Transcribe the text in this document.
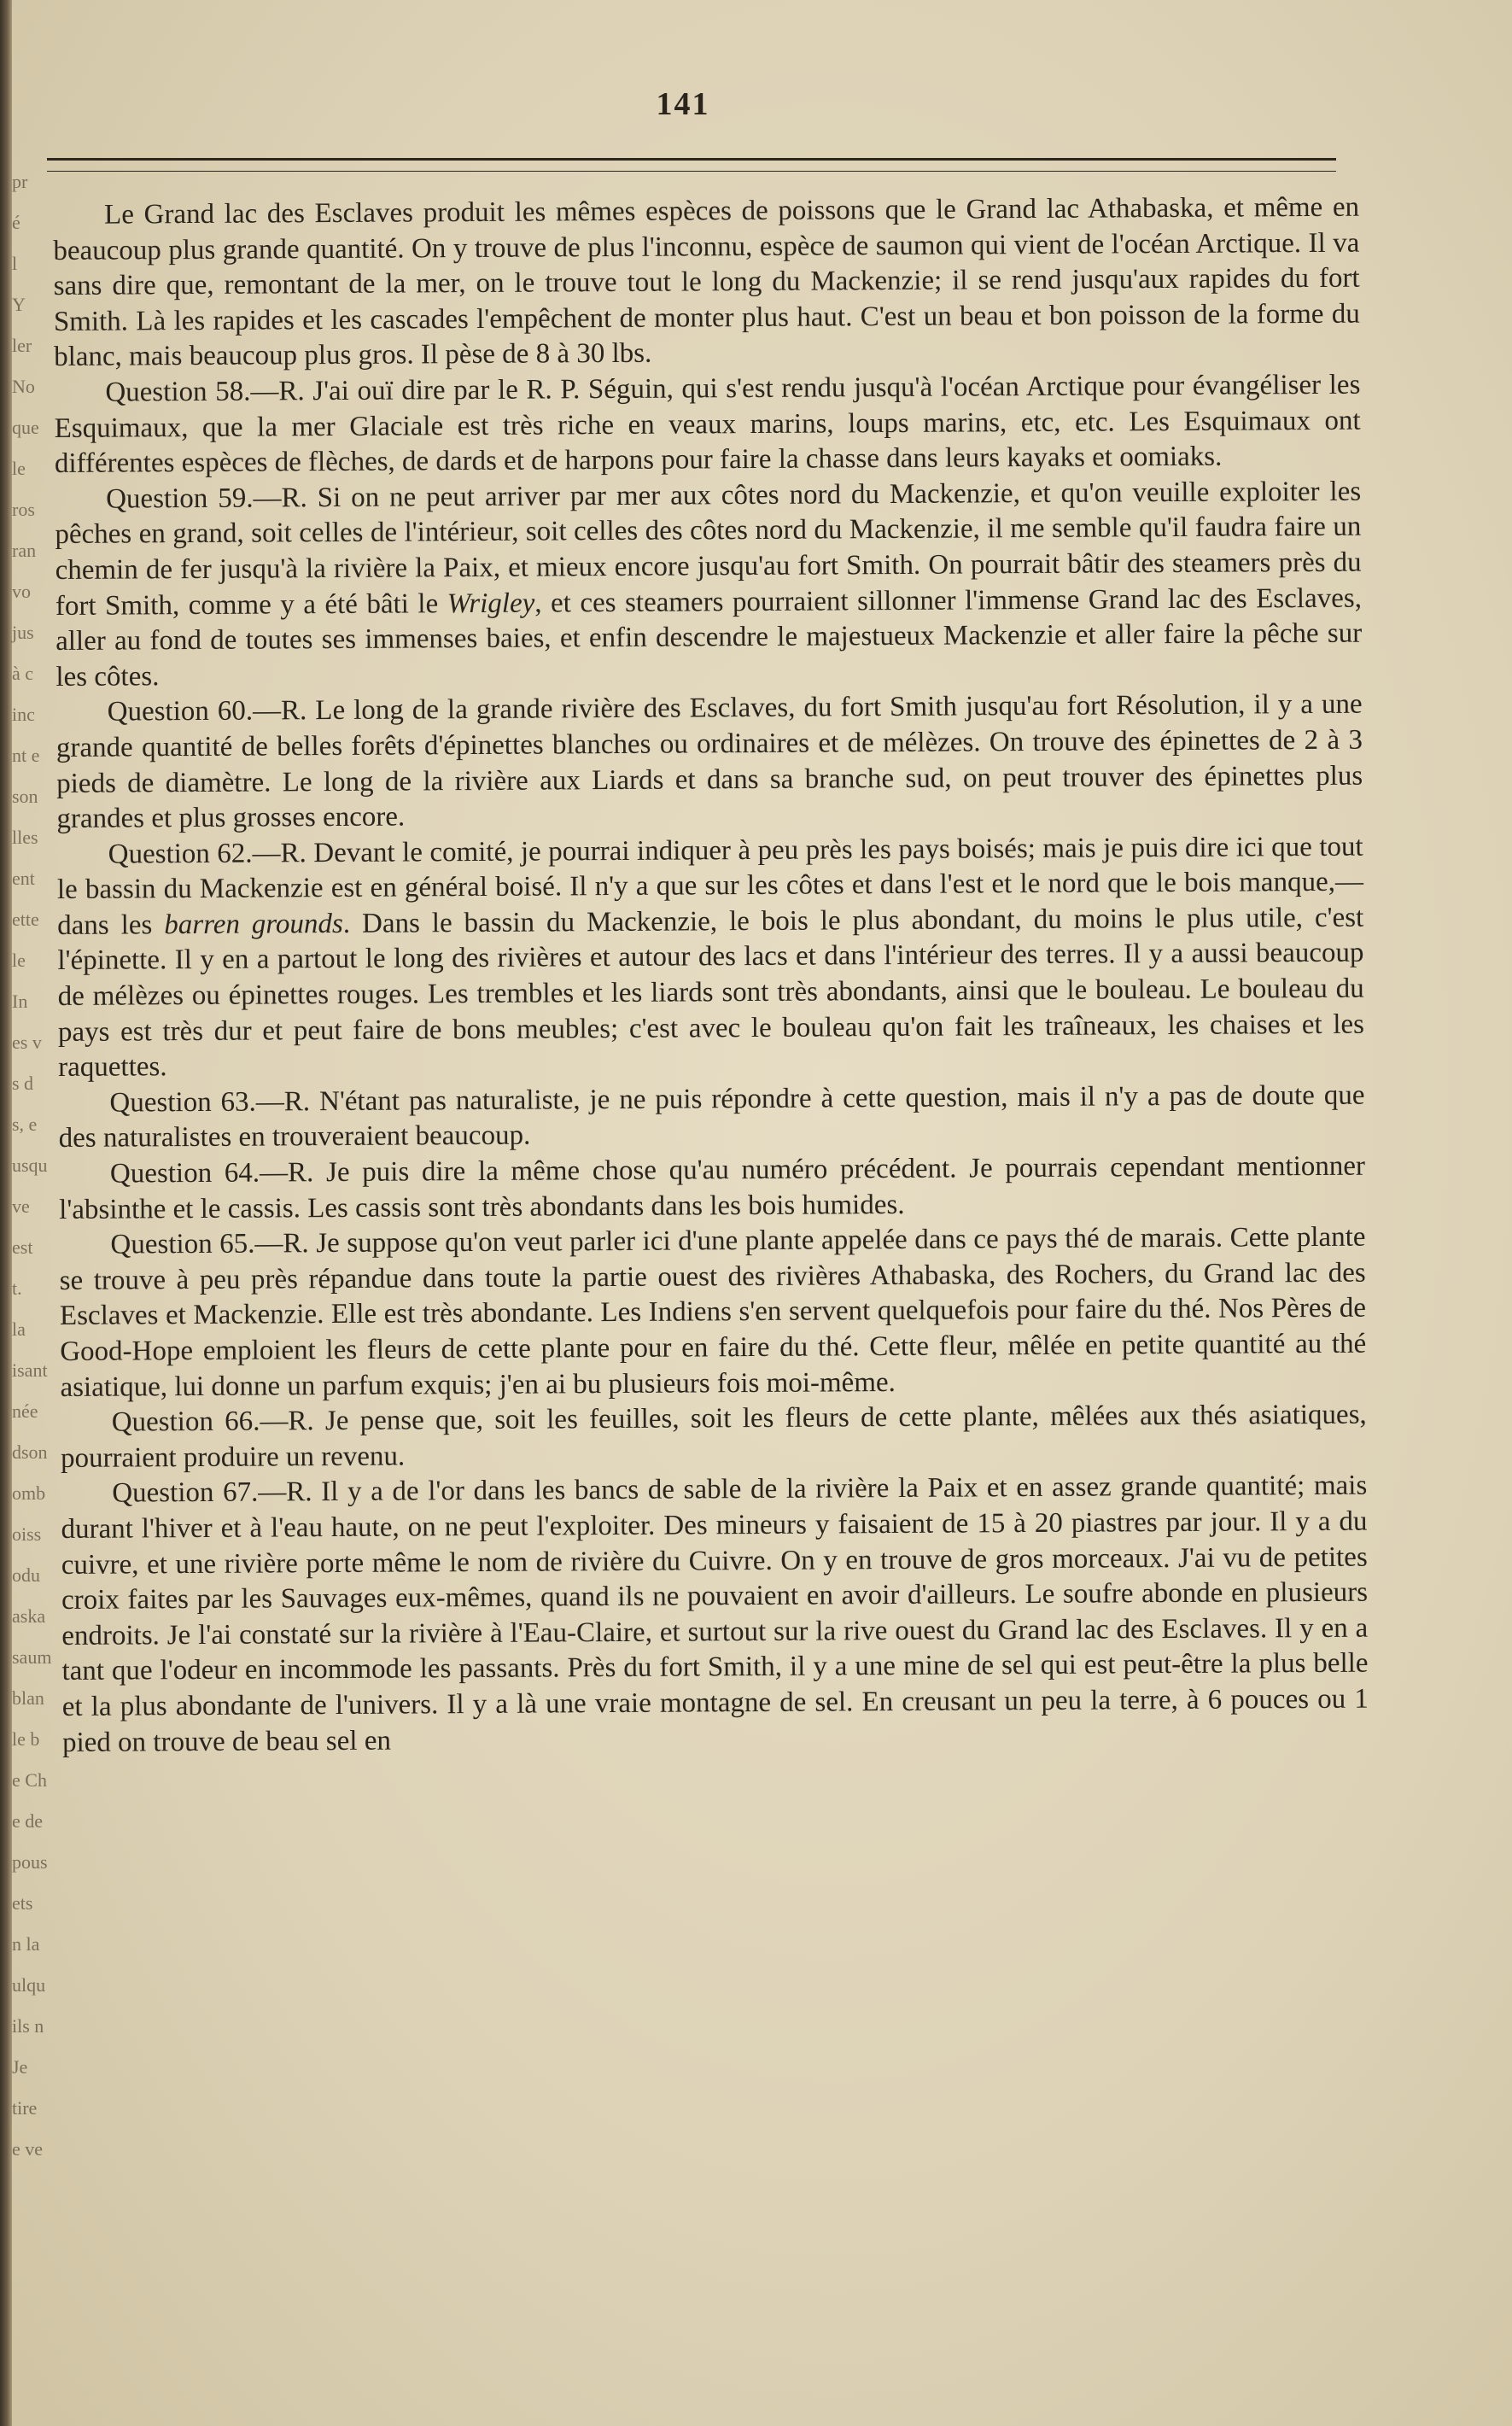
pr
é
l
Y
ler
No
que
le
ros
ran
vo
jus
à c
inc
nt e
son
lles
ent
ette
le
In
es v
s d
s, e
usqu
ve
est
t.
la
isant
née
dson
omb
oiss
odu
aska
saum
blan
le b
e Ch
e de
pous
ets
n la
ulqu
ils n
Je
tire
e ve
141

Le Grand lac des Esclaves produit les mêmes espèces de poissons que le Grand lac Athabaska, et même en beaucoup plus grande quantité. On y trouve de plus l'inconnu, espèce de saumon qui vient de l'océan Arctique. Il va sans dire que, remontant de la mer, on le trouve tout le long du Mackenzie; il se rend jusqu'aux rapides du fort Smith. Là les rapides et les cascades l'empêchent de monter plus haut. C'est un beau et bon poisson de la forme du blanc, mais beaucoup plus gros. Il pèse de 8 à 30 lbs.

Question 58.—R. J'ai ouï dire par le R. P. Séguin, qui s'est rendu jusqu'à l'océan Arctique pour évangéliser les Esquimaux, que la mer Glaciale est très riche en veaux marins, loups marins, etc, etc. Les Esquimaux ont différentes espèces de flèches, de dards et de harpons pour faire la chasse dans leurs kayaks et oomiaks.

Question 59.—R. Si on ne peut arriver par mer aux côtes nord du Mackenzie, et qu'on veuille exploiter les pêches en grand, soit celles de l'intérieur, soit celles des côtes nord du Mackenzie, il me semble qu'il faudra faire un chemin de fer jusqu'à la rivière la Paix, et mieux encore jusqu'au fort Smith. On pourrait bâtir des steamers près du fort Smith, comme y a été bâti le Wrigley, et ces steamers pourraient sillonner l'immense Grand lac des Esclaves, aller au fond de toutes ses immenses baies, et enfin descendre le majestueux Mackenzie et aller faire la pêche sur les côtes.

Question 60.—R. Le long de la grande rivière des Esclaves, du fort Smith jusqu'au fort Résolution, il y a une grande quantité de belles forêts d'épinettes blanches ou ordinaires et de mélèzes. On trouve des épinettes de 2 à 3 pieds de diamètre. Le long de la rivière aux Liards et dans sa branche sud, on peut trouver des épinettes plus grandes et plus grosses encore.

Question 62.—R. Devant le comité, je pourrai indiquer à peu près les pays boisés; mais je puis dire ici que tout le bassin du Mackenzie est en général boisé. Il n'y a que sur les côtes et dans l'est et le nord que le bois manque,—dans les barren grounds. Dans le bassin du Mackenzie, le bois le plus abondant, du moins le plus utile, c'est l'épinette. Il y en a partout le long des rivières et autour des lacs et dans l'intérieur des terres. Il y a aussi beaucoup de mélèzes ou épinettes rouges. Les trembles et les liards sont très abondants, ainsi que le bouleau. Le bouleau du pays est très dur et peut faire de bons meubles; c'est avec le bouleau qu'on fait les traîneaux, les chaises et les raquettes.

Question 63.—R. N'étant pas naturaliste, je ne puis répondre à cette question, mais il n'y a pas de doute que des naturalistes en trouveraient beaucoup.

Question 64.—R. Je puis dire la même chose qu'au numéro précédent. Je pourrais cependant mentionner l'absinthe et le cassis. Les cassis sont très abondants dans les bois humides.

Question 65.—R. Je suppose qu'on veut parler ici d'une plante appelée dans ce pays thé de marais. Cette plante se trouve à peu près répandue dans toute la partie ouest des rivières Athabaska, des Rochers, du Grand lac des Esclaves et Mackenzie. Elle est très abondante. Les Indiens s'en servent quelquefois pour faire du thé. Nos Pères de Good-Hope emploient les fleurs de cette plante pour en faire du thé. Cette fleur, mêlée en petite quantité au thé asiatique, lui donne un parfum exquis; j'en ai bu plusieurs fois moi-même.

Question 66.—R. Je pense que, soit les feuilles, soit les fleurs de cette plante, mêlées aux thés asiatiques, pourraient produire un revenu.

Question 67.—R. Il y a de l'or dans les bancs de sable de la rivière la Paix et en assez grande quantité; mais durant l'hiver et à l'eau haute, on ne peut l'exploiter. Des mineurs y faisaient de 15 à 20 piastres par jour. Il y a du cuivre, et une rivière porte même le nom de rivière du Cuivre. On y en trouve de gros morceaux. J'ai vu de petites croix faites par les Sauvages eux-mêmes, quand ils ne pouvaient en avoir d'ailleurs. Le soufre abonde en plusieurs endroits. Je l'ai constaté sur la rivière à l'Eau-Claire, et surtout sur la rive ouest du Grand lac des Esclaves. Il y en a tant que l'odeur en incommode les passants. Près du fort Smith, il y a une mine de sel qui est peut-être la plus belle et la plus abondante de l'univers. Il y a là une vraie montagne de sel. En creusant un peu la terre, à 6 pouces ou 1 pied on trouve de beau sel en
